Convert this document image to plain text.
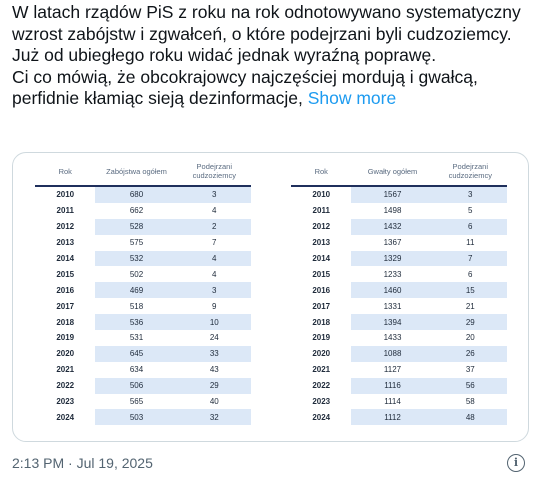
W latach rządów PiS z roku na rok odnotowywano systematyczny wzrost zabójstw i zgwałceń, o które podejrzani byli cudzoziemcy. Już od ubiegłego roku widać jednak wyraźną poprawę.

Ci co mówią, że obcokrajowcy najczęściej mordują i gwałcą, perfidnie kłamiąc sieją dezinformacje, Show more

Rok	Zabójstwa ogółem	Podejrzani cudzoziemcy
2010	680	3
2011	662	4
2012	528	2
2013	575	7
2014	532	4
2015	502	4
2016	469	3
2017	518	9
2018	536	10
2019	531	24
2020	645	33
2021	634	43
2022	506	29
2023	565	40
2024	503	32
Rok	Gwałty ogółem	Podejrzani cudzoziemcy
2010	1567	3
2011	1498	5
2012	1432	6
2013	1367	11
2014	1329	7
2015	1233	6
2016	1460	15
2017	1331	21
2018	1394	29
2019	1433	20
2020	1088	26
2021	1127	37
2022	1116	56
2023	1114	58
2024	1112	48
2:13 PM · Jul 19, 2025	i
